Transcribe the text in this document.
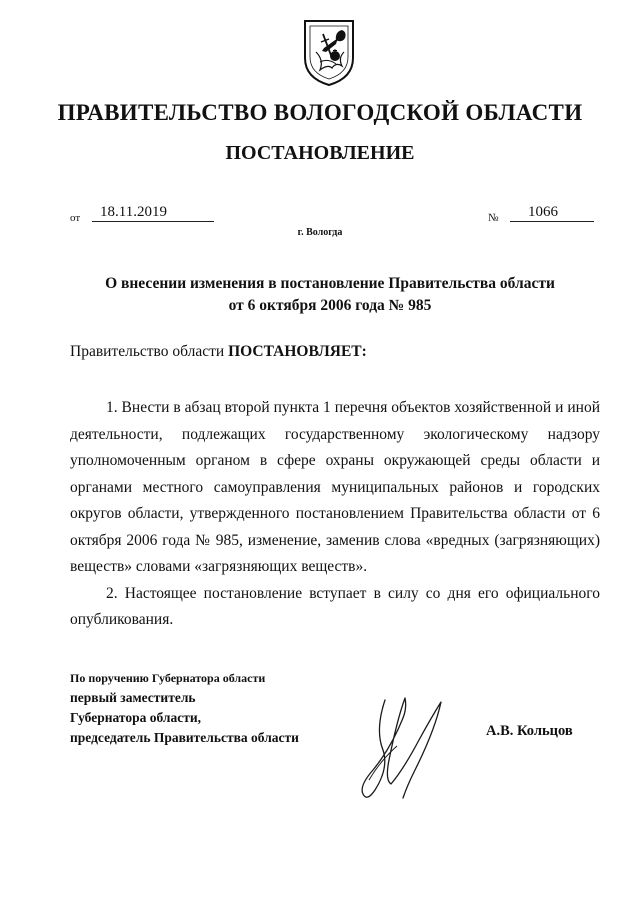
ПРАВИТЕЛЬСТВО ВОЛОГОДСКОЙ ОБЛАСТИ
ПОСТАНОВЛЕНИЕ
от	18.11.2019	№	1066
г. Вологда
О внесении изменения в постановление Правительства области
от 6 октября 2006 года № 985
Правительство области ПОСТАНОВЛЯЕТ:

1. Внести в абзац второй пункта 1 перечня объектов хозяйственной и иной деятельности, подлежащих государственному экологическому надзору уполномоченным органом в сфере охраны окружающей среды области и органами местного самоуправления муниципальных районов и городских округов области, утвержденного постановлением Правительства области от 6 октября 2006 года № 985, изменение, заменив слова «вредных (загрязняющих) веществ» словами «загрязняющих веществ».

2. Настоящее постановление вступает в силу со дня его официального опубликования.

По поручению Губернатора области
первый заместитель
Губернатора области,
председатель Правительства области	А.В. Кольцов
